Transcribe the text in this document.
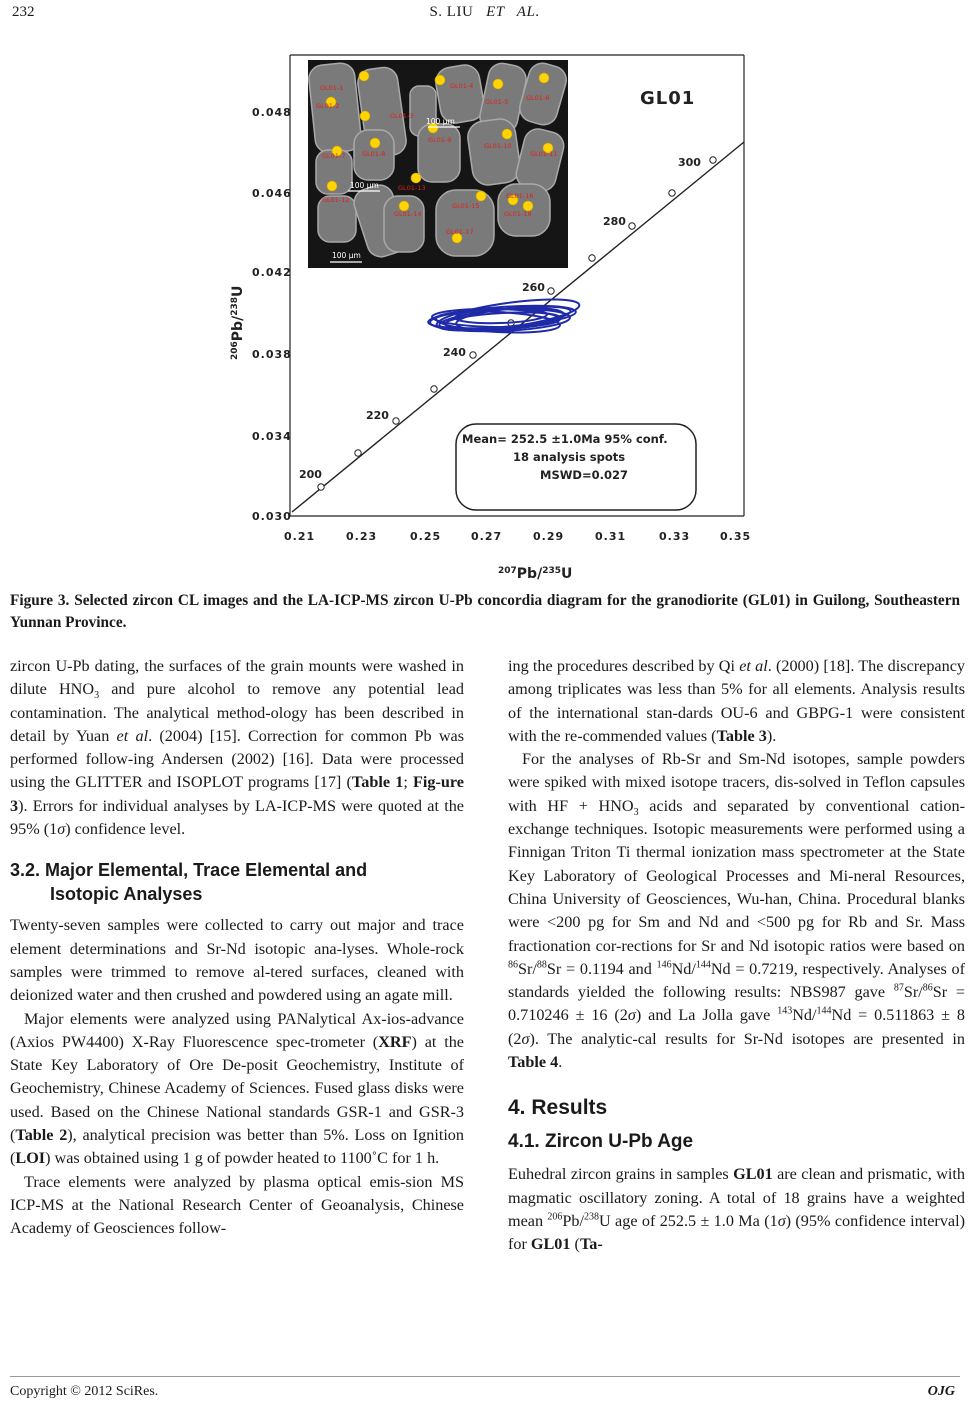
232	S. LIU   ET   AL.
0.048
0.046
0.042
0.038
0.034
0.030
0.21	0.23	0.25	0.27	0.29	0.31	0.33	0.35
$^{206}$Pb/$^{238}$U
$^{207}$Pb/$^{235}$U
200
220
240
260
280
300
Mean= 252.5 ±1.0Ma 95% conf.
18 analysis spots
MSWD=0.027
GL01
GL01-1
GL01-2
GL01-3
GL01-4
GL01-5	GL01-6
GL01-7	GL01-8
GL01-9
GL01-10
GL01-11
GL01-12
GL01-13
GL01-14
GL01-15
GL01-16
GL01-17
GL01-18
100 μm
100 μm
100 μm
Figure 3. Selected zircon CL images and the LA-ICP-MS zircon U-Pb concordia diagram for the granodiorite (GL01) in Guilong, Southeastern Yunnan Province.

zircon U-Pb dating, the surfaces of the grain mounts were washed in dilute $HNO_3$ and pure alcohol to remove any potential lead contamination. The analytical method-ology has been described in detail by Yuan et al. (2004) [15]. Correction for common Pb was performed follow-ing Andersen (2002) [16]. Data were processed using the GLITTER and ISOPLOT programs [17] (Table 1; Fig-ure 3). Errors for individual analyses by LA-ICP-MS were quoted at the 95% (1σ) confidence level.

3.2. Major Elemental, Trace Elemental and

Isotopic Analyses

Twenty-seven samples were collected to carry out major and trace element determinations and Sr-Nd isotopic ana-lyses. Whole-rock samples were trimmed to remove al-tered surfaces, cleaned with deionized water and then crushed and powdered using an agate mill.

Major elements were analyzed using PANalytical Ax-ios-advance (Axios PW4400) X-Ray Fluorescence spec-trometer (XRF) at the State Key Laboratory of Ore De-posit Geochemistry, Institute of Geochemistry, Chinese Academy of Sciences. Fused glass disks were used. Based on the Chinese National standards GSR-1 and GSR-3 (Table 2), analytical precision was better than 5%. Loss on Ignition (LOI) was obtained using 1 g of powder heated to 1100˚C for 1 h.

Trace elements were analyzed by plasma optical emis-sion MS ICP-MS at the National Research Center of Geoanalysis, Chinese Academy of Geosciences follow-

ing the procedures described by Qi et al. (2000) [18]. The discrepancy among triplicates was less than 5% for all elements. Analysis results of the international stan-dards OU-6 and GBPG-1 were consistent with the re-commended values (Table 3).

For the analyses of Rb-Sr and Sm-Nd isotopes, sample powders were spiked with mixed isotope tracers, dis-solved in Teflon capsules with HF + $HNO_3$ acids and separated by conventional cation-exchange techniques. Isotopic measurements were performed using a Finnigan Triton Ti thermal ionization mass spectrometer at the State Key Laboratory of Geological Processes and Mi-neral Resources, China University of Geosciences, Wu-han, China. Procedural blanks were <200 pg for Sm and Nd and <500 pg for Rb and Sr. Mass fractionation cor-rections for Sr and Nd isotopic ratios were based on $^{86}$Sr/$^{88}$Sr = 0.1194 and $^{146}$Nd/$^{144}$Nd = 0.7219, respectively. Analyses of standards yielded the following results: NBS987 gave $^{87}$Sr/$^{86}$Sr = 0.710246 ± 16 (2σ) and La Jolla gave $^{143}$Nd/$^{144}$Nd = 0.511863 ± 8 (2σ). The analytic-cal results for Sr-Nd isotopes are presented in Table 4.

4. Results

4.1. Zircon U-Pb Age

Euhedral zircon grains in samples GL01 are clean and prismatic, with magmatic oscillatory zoning. A total of 18 grains have a weighted mean $^{206}$Pb/$^{238}$U age of 252.5 ± 1.0 Ma (1σ) (95% confidence interval) for GL01 (Ta-

Copyright © 2012 SciRes.	OJG
